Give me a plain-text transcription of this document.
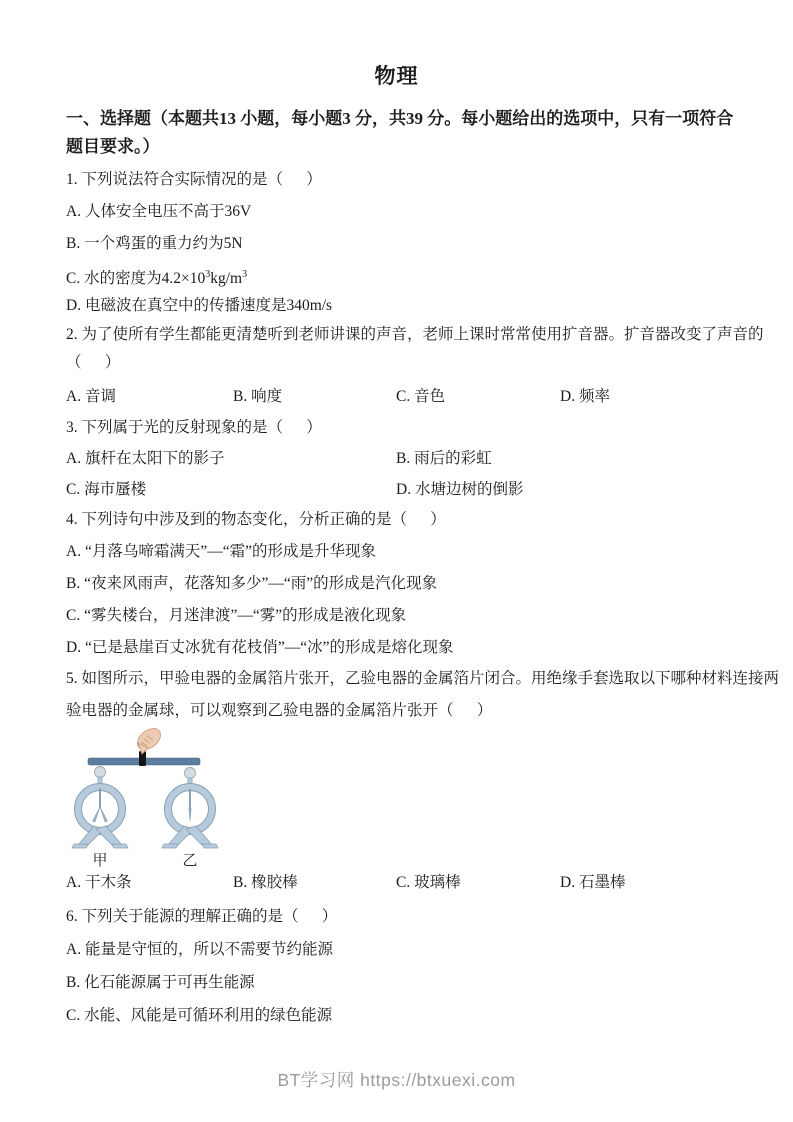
物理
一、选择题（本题共13 小题，每小题3 分，共39 分。每小题给出的选项中，只有一项符合
题目要求。）
1. 下列说法符合实际情况的是（      ）
A. 人体安全电压不高于36V
B. 一个鸡蛋的重力约为5N
C. 水的密度为$4.2\times 10^3kg/m^3$
D. 电磁波在真空中的传播速度是340m/s
2. 为了使所有学生都能更清楚听到老师讲课的声音，老师上课时常常使用扩音器。扩音器改变了声音的
（      ）
A. 音调	B. 响度	C. 音色	D. 频率
3. 下列属于光的反射现象的是（      ）
A. 旗杆在太阳下的影子	B. 雨后的彩虹
C. 海市蜃楼	D. 水塘边树的倒影
4. 下列诗句中涉及到的物态变化，分析正确的是（      ）
A. “月落乌啼霜满天”—“霜”的形成是升华现象
B. “夜来风雨声，花落知多少”—“雨”的形成是汽化现象
C. “雾失楼台，月迷津渡”—“雾”的形成是液化现象
D. “已是悬崖百丈冰犹有花枝俏”—“冰”的形成是熔化现象
5. 如图所示，甲验电器的金属箔片张开，乙验电器的金属箔片闭合。用绝缘手套选取以下哪种材料连接两
验电器的金属球，可以观察到乙验电器的金属箔片张开（      ）
甲	乙
A. 干木条	B. 橡胶棒	C. 玻璃棒	D. 石墨棒
6. 下列关于能源的理解正确的是（      ）
A. 能量是守恒的，所以不需要节约能源
B. 化石能源属于可再生能源
C. 水能、风能是可循环利用的绿色能源
BT学习网 https://btxuexi.com
